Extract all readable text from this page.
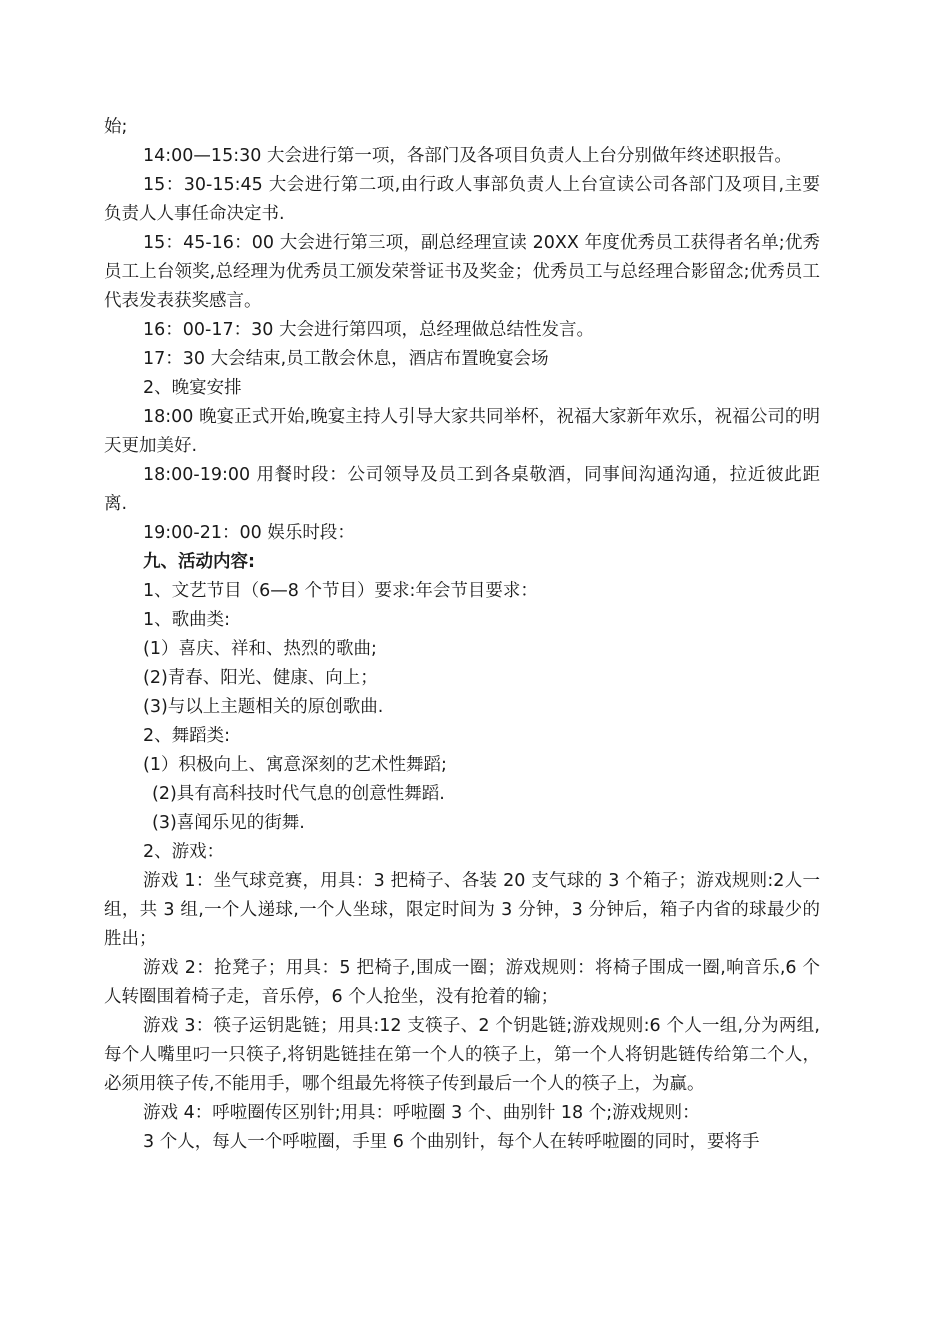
始;

14:00—15:30 大会进行第一项，各部门及各项目负责人上台分别做年终述职报告。

15：30-15:45 大会进行第二项,由行政人事部负责人上台宣读公司各部门及项目,主要负责人人事任命决定书.

15：45-16：00 大会进行第三项，副总经理宣读 20XX 年度优秀员工获得者名单;优秀员工上台领奖,总经理为优秀员工颁发荣誉证书及奖金；优秀员工与总经理合影留念;优秀员工代表发表获奖感言。

16：00-17：30 大会进行第四项，总经理做总结性发言。

17：30 大会结束,员工散会休息，酒店布置晚宴会场

2、晚宴安排

18:00 晚宴正式开始,晚宴主持人引导大家共同举杯，祝福大家新年欢乐，祝福公司的明天更加美好.

18:00-19:00 用餐时段：公司领导及员工到各桌敬酒，同事间沟通沟通，拉近彼此距离.

19:00-21：00 娱乐时段：

九、活动内容:

1、文艺节目（6—8 个节目）要求:年会节目要求：

1、歌曲类:

(1）喜庆、祥和、热烈的歌曲;

(2)青春、阳光、健康、向上；

(3)与以上主题相关的原创歌曲.

2、舞蹈类:

(1）积极向上、寓意深刻的艺术性舞蹈;

(2)具有高科技时代气息的创意性舞蹈.

(3)喜闻乐见的街舞.

2、游戏：

游戏 1：坐气球竞赛，用具：3 把椅子、各装 20 支气球的 3 个箱子；游戏规则:2人一组，共 3 组,一个人递球,一个人坐球，限定时间为 3 分钟，3 分钟后，箱子内省的球最少的胜出；

游戏 2：抢凳子；用具：5 把椅子,围成一圈；游戏规则：将椅子围成一圈,响音乐,6 个人转圈围着椅子走，音乐停，6 个人抢坐，没有抢着的输；

游戏 3：筷子运钥匙链；用具:12 支筷子、2 个钥匙链;游戏规则:6 个人一组,分为两组,每个人嘴里叼一只筷子,将钥匙链挂在第一个人的筷子上，第一个人将钥匙链传给第二个人，必须用筷子传,不能用手，哪个组最先将筷子传到最后一个人的筷子上，为赢。

游戏 4：呼啦圈传区别针;用具：呼啦圈 3 个、曲别针 18 个;游戏规则：

3 个人，每人一个呼啦圈，手里 6 个曲别针，每个人在转呼啦圈的同时，要将手
